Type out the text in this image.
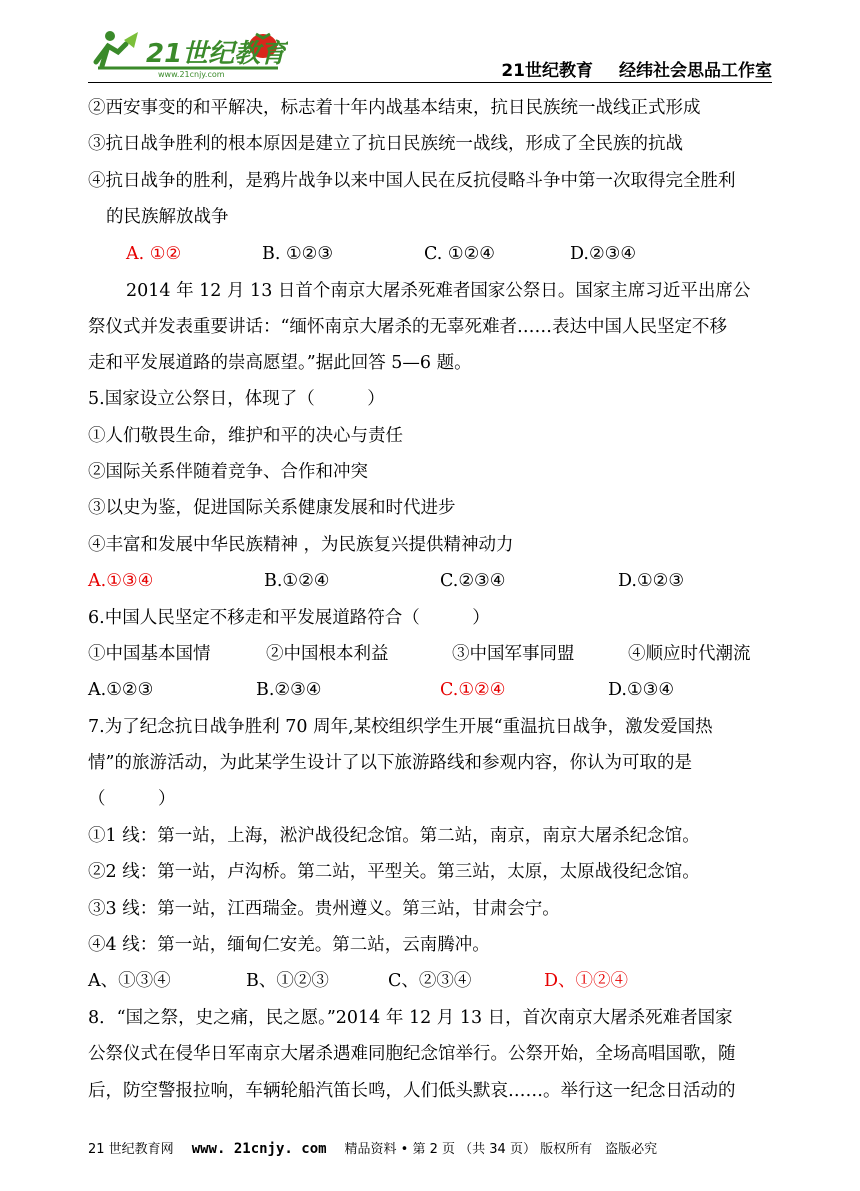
21世纪教育
www.21cnjy.com	21世纪教育 经纬社会思品工作室
②西安事变的和平解决，标志着十年内战基本结束，抗日民族统一战线正式形成
③抗日战争胜利的根本原因是建立了抗日民族统一战线，形成了全民族的抗战
④抗日战争的胜利，是鸦片战争以来中国人民在反抗侵略斗争中第一次取得完全胜利
的民族解放战争
A. ①②	B. ①②③	C. ①②④	D.②③④
2014 年 12 月 13 日首个南京大屠杀死难者国家公祭日。国家主席习近平出席公
祭仪式并发表重要讲话：“缅怀南京大屠杀的无辜死难者……表达中国人民坚定不移
走和平发展道路的崇高愿望。”据此回答 5—6 题。
5.国家设立公祭日，体现了（　　　）
①人们敬畏生命，维护和平的决心与责任
②国际关系伴随着竞争、合作和冲突
③以史为鉴，促进国际关系健康发展和时代进步
④丰富和发展中华民族精神 ，为民族复兴提供精神动力
A.①③④	B.①②④	C.②③④	D.①②③
6.中国人民坚定不移走和平发展道路符合（　　　）
①中国基本国情	②中国根本利益	③中国军事同盟	④顺应时代潮流
A.①②③	B.②③④	C.①②④	D.①③④
7.为了纪念抗日战争胜利 70 周年,某校组织学生开展“重温抗日战争，激发爱国热
情”的旅游活动，为此某学生设计了以下旅游路线和参观内容，你认为可取的是
（　　　）
①1 线：第一站，上海，淞沪战役纪念馆。第二站，南京，南京大屠杀纪念馆。
②2 线：第一站，卢沟桥。第二站，平型关。第三站，太原，太原战役纪念馆。
③3 线：第一站，江西瑞金。贵州遵义。第三站，甘肃会宁。
④4 线：第一站，缅甸仁安羌。第二站，云南腾冲。
A、①③④	B、①②③	C、②③④	D、①②④
8．“国之祭，史之痛，民之愿。”2014 年 12 月 13 日，首次南京大屠杀死难者国家
公祭仪式在侵华日军南京大屠杀遇难同胞纪念馆举行。公祭开始，全场高唱国歌，随
后，防空警报拉响，车辆轮船汽笛长鸣，人们低头默哀……。举行这一纪念日活动的
21 世纪教育网 www. 21cnjy. com 精品资料 • 第 2 页 （共 34 页） 版权所有　盗版必究
